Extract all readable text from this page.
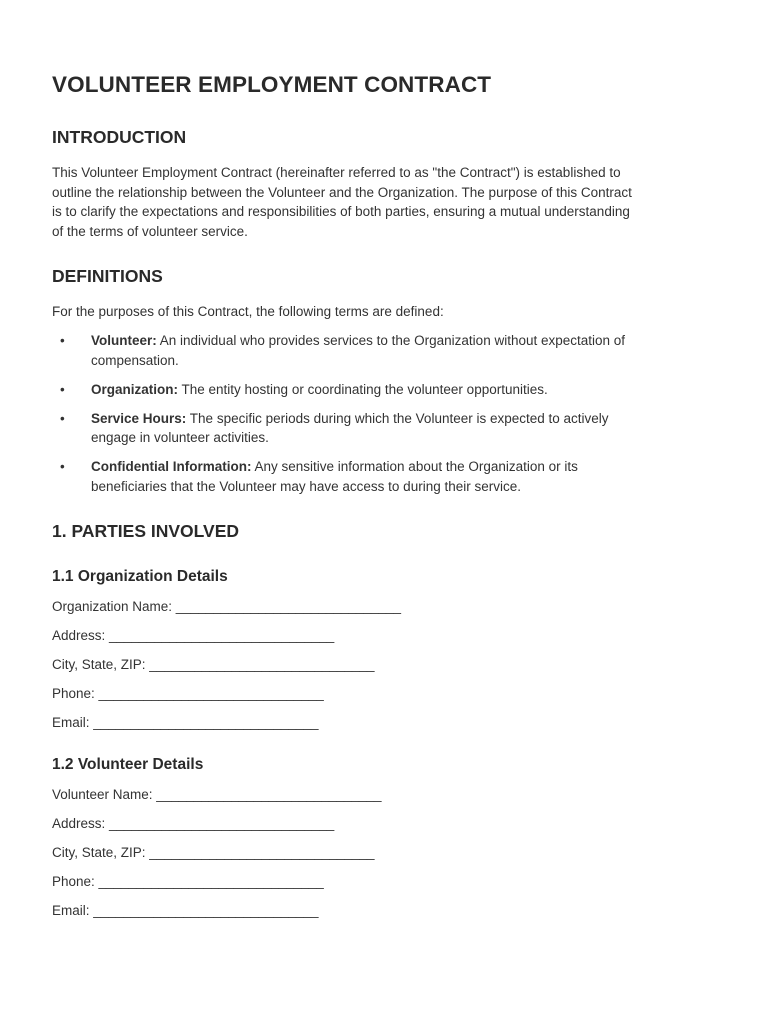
VOLUNTEER EMPLOYMENT CONTRACT
INTRODUCTION

This Volunteer Employment Contract (hereinafter referred to as "the Contract") is established to
outline the relationship between the Volunteer and the Organization. The purpose of this Contract
is to clarify the expectations and responsibilities of both parties, ensuring a mutual understanding
of the terms of volunteer service.

DEFINITIONS

For the purposes of this Contract, the following terms are defined:

• Volunteer: An individual who provides services to the Organization without expectation of
compensation.
• Organization: The entity hosting or coordinating the volunteer opportunities.
• Service Hours: The specific periods during which the Volunteer is expected to actively
engage in volunteer activities.
• Confidential Information: Any sensitive information about the Organization or its
beneficiaries that the Volunteer may have access to during their service.
1. PARTIES INVOLVED
1.1 Organization Details

Organization Name: ______________________________

Address: ______________________________

City, State, ZIP: ______________________________

Phone: ______________________________

Email: ______________________________

1.2 Volunteer Details

Volunteer Name: ______________________________

Address: ______________________________

City, State, ZIP: ______________________________

Phone: ______________________________

Email: ______________________________
